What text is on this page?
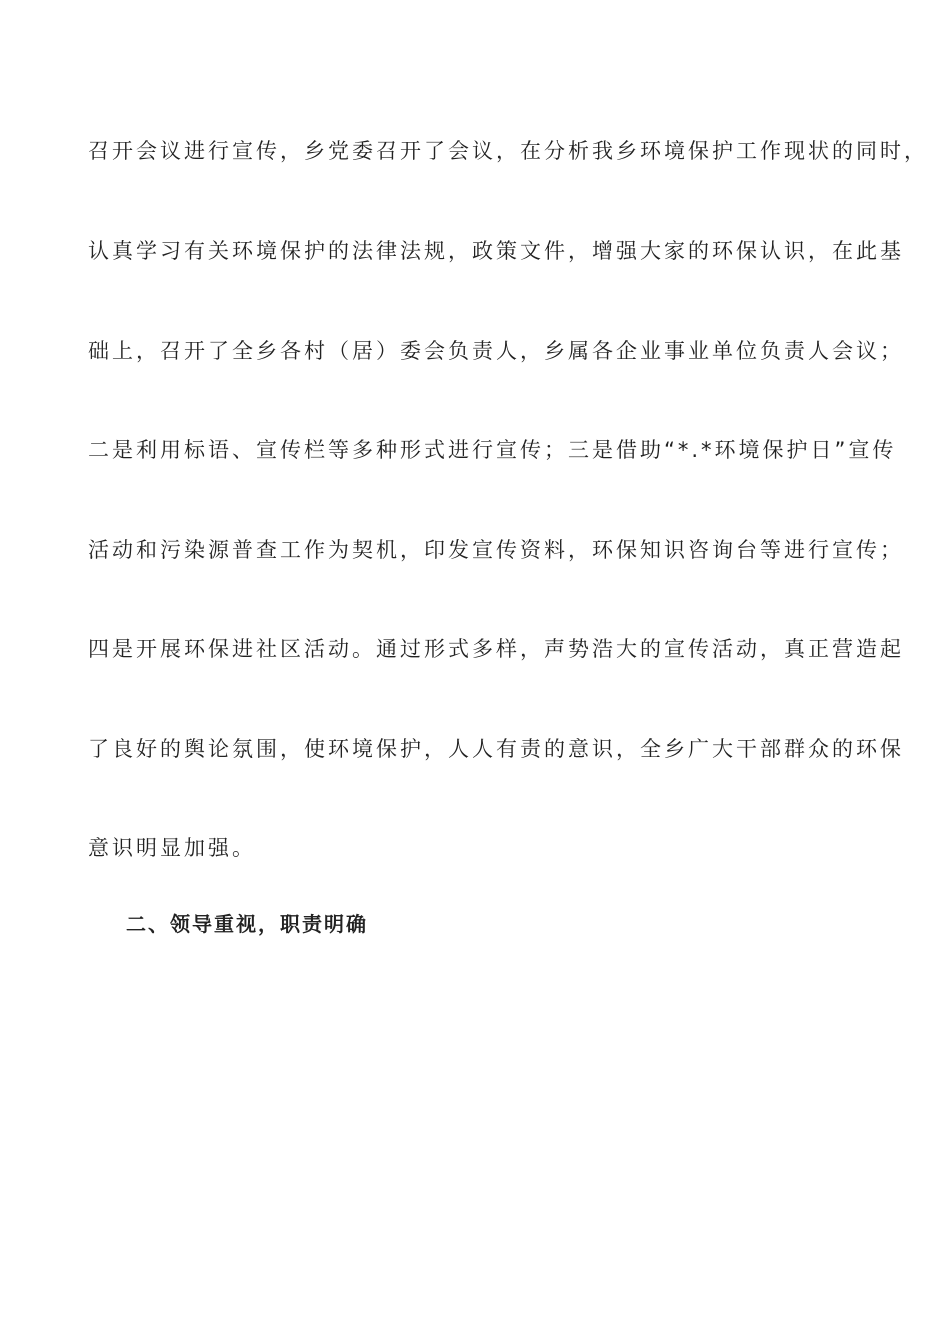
召开会议进行宣传，乡党委召开了会议，在分析我乡环境保护工作现状的同时，
认真学习有关环境保护的法律法规，政策文件，增强大家的环保认识，在此基
础上，召开了全乡各村（居）委会负责人，乡属各企业事业单位负责人会议；
二是利用标语、宣传栏等多种形式进行宣传；三是借助“*.*环境保护日”宣传
活动和污染源普查工作为契机，印发宣传资料，环保知识咨询台等进行宣传；
四是开展环保进社区活动。通过形式多样，声势浩大的宣传活动，真正营造起
了良好的舆论氛围，使环境保护，人人有责的意识，全乡广大干部群众的环保
意识明显加强。
二、领导重视，职责明确
